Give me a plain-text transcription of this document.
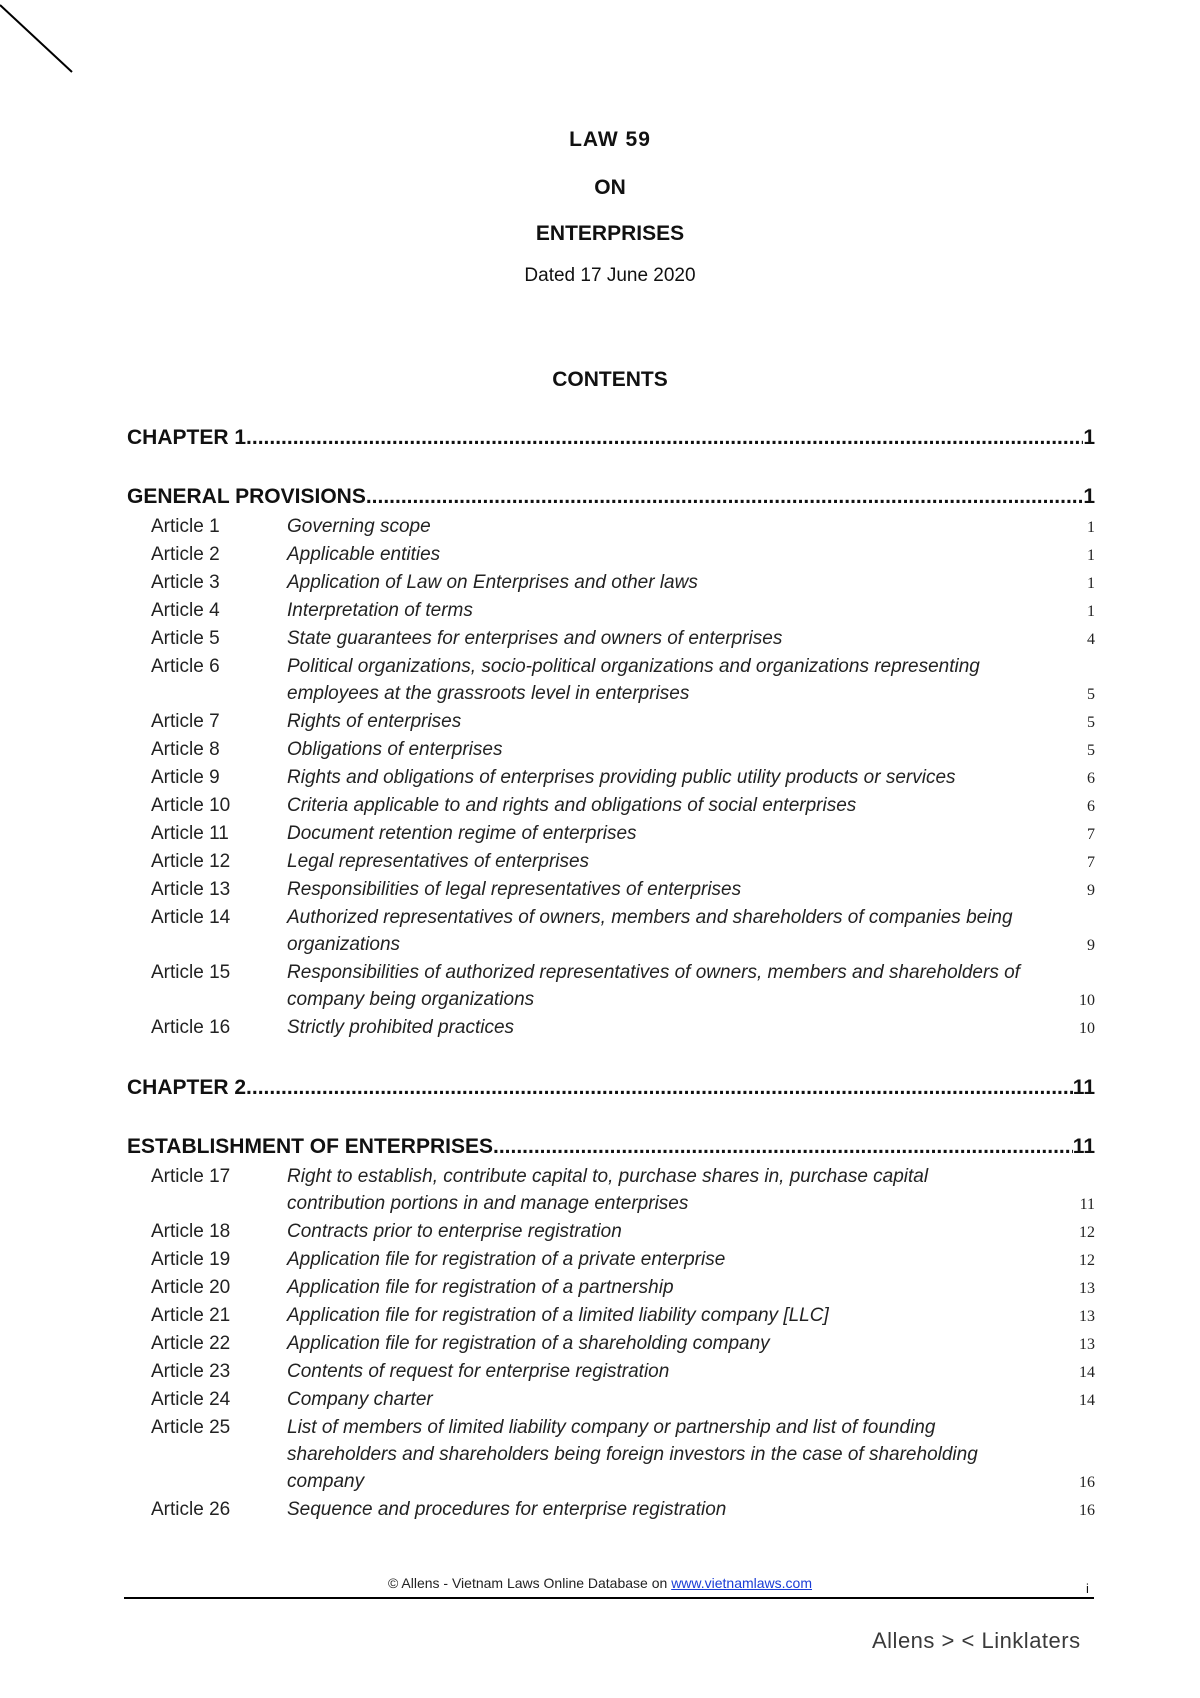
LAW 59
ON
ENTERPRISES
Dated 17 June 2020
CONTENTS
CHAPTER 1 .....	1
GENERAL PROVISIONS .....	1
Article 1	Governing scope	1
Article 2	Applicable entities	1
Article 3	Application of Law on Enterprises and other laws	1
Article 4	Interpretation of terms	1
Article 5	State guarantees for enterprises and owners of enterprises	4
Article 6	Political organizations, socio-political organizations and organizations representing
employees at the grassroots level in enterprises	5
Article 7	Rights of enterprises	5
Article 8	Obligations of enterprises	5
Article 9	Rights and obligations of enterprises providing public utility products or services	6
Article 10	Criteria applicable to and rights and obligations of social enterprises	6
Article 11	Document retention regime of enterprises	7
Article 12	Legal representatives of enterprises	7
Article 13	Responsibilities of legal representatives of enterprises	9
Article 14	Authorized representatives of owners, members and shareholders of companies being
organizations	9
Article 15	Responsibilities of authorized representatives of owners, members and shareholders of
company being organizations	10
Article 16	Strictly prohibited practices	10
CHAPTER 2 .....	11
ESTABLISHMENT OF ENTERPRISES .....	11
Article 17	Right to establish, contribute capital to, purchase shares in, purchase capital
contribution portions in and manage enterprises	11
Article 18	Contracts prior to enterprise registration	12
Article 19	Application file for registration of a private enterprise	12
Article 20	Application file for registration of a partnership	13
Article 21	Application file for registration of a limited liability company [LLC]	13
Article 22	Application file for registration of a shareholding company	13
Article 23	Contents of request for enterprise registration	14
Article 24	Company charter	14
Article 25	List of members of limited liability company or partnership and list of founding
shareholders and shareholders being foreign investors in the case of shareholding
company	16
Article 26	Sequence and procedures for enterprise registration	16
© Allens - Vietnam Laws Online Database on www.vietnamlaws.com	i
Allens > < Linklaters
